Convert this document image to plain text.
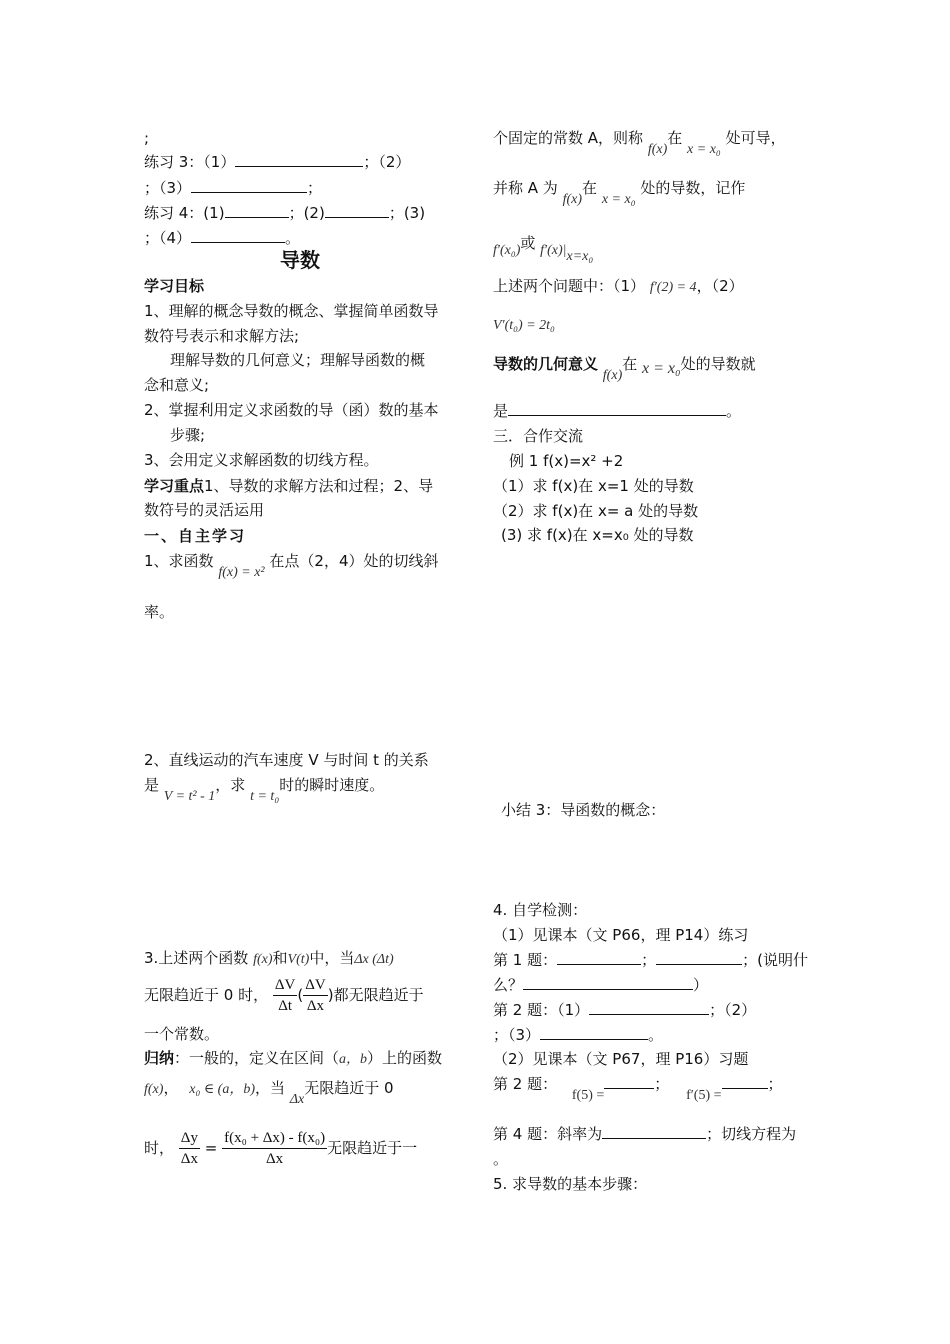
;
练习 3：（1）	；（2）
；（3）	；
练习 4：(1)	；(2)	；(3)
；（4）	。
导数
学习目标
1、理解的概念导数的概念、掌握简单函数导
数符号表示和求解方法;
理解导数的几何意义；理解导函数的概
念和意义;
2、掌握利用定义求函数的导（函）数的基本
步骤;
3、会用定义求解函数的切线方程。
学习重点1、导数的求解方法和过程；2、导
数符号的灵活运用
一、自主学习
1、求函数 f(x) = x² 在点（2，4）处的切线斜
率。
2、直线运动的汽车速度 V 与时间 t 的关系
是 V = t² - 1，求 t = t₀时的瞬时速度。
3.上述两个函数 f(x)和V(t)中，当Δx (Δt)
无限趋近于 0 时， $\frac{\Delta V}{\Delta t}$ ( $\frac{\Delta V}{\Delta x}$ )都无限趋近于
一个常数。
归纳：一般的，定义在区间（a，b）上的函数
f(x)， x₀ ∈ (a，b)，当 Δx无限趋近于 0
时， $\frac{\Delta y}{\Delta x} = \frac{\text{f(x₀ + Δx) - f(x₀)}}{\Delta x}$ 无限趋近于一
个固定的常数 A，则称 f(x)在 x = x₀ 处可导，
并称 A 为 f(x)在 x = x₀ 处的导数，记作
f′(x₀)或 $f'(x)|_{x=x_0}$
上述两个问题中：（1） f′(2) = 4，（2）
V′(t₀) = 2t₀
导数的几何意义 f(x)在 x = x₀处的导数就
是	。
三．合作交流
例 1 f(x)=x² +2
（1）求 f(x)在 x=1 处的导数
（2）求 f(x)在 x= a 处的导数
(3) 求 f(x)在 x=x₀ 处的导数
小结 3：导函数的概念：
4. 自学检测：
（1）见课本（文 P66，理 P14）练习
第 1 题：	；	；(说明什
么？	）
第 2 题：（1）	；（2）
；（3）	。
（2）见课本（文 P67，理 P16）习题
第 2 题： f(5) =； f′(5) =；
第 4 题：斜率为	；切线方程为
。
5. 求导数的基本步骤：
